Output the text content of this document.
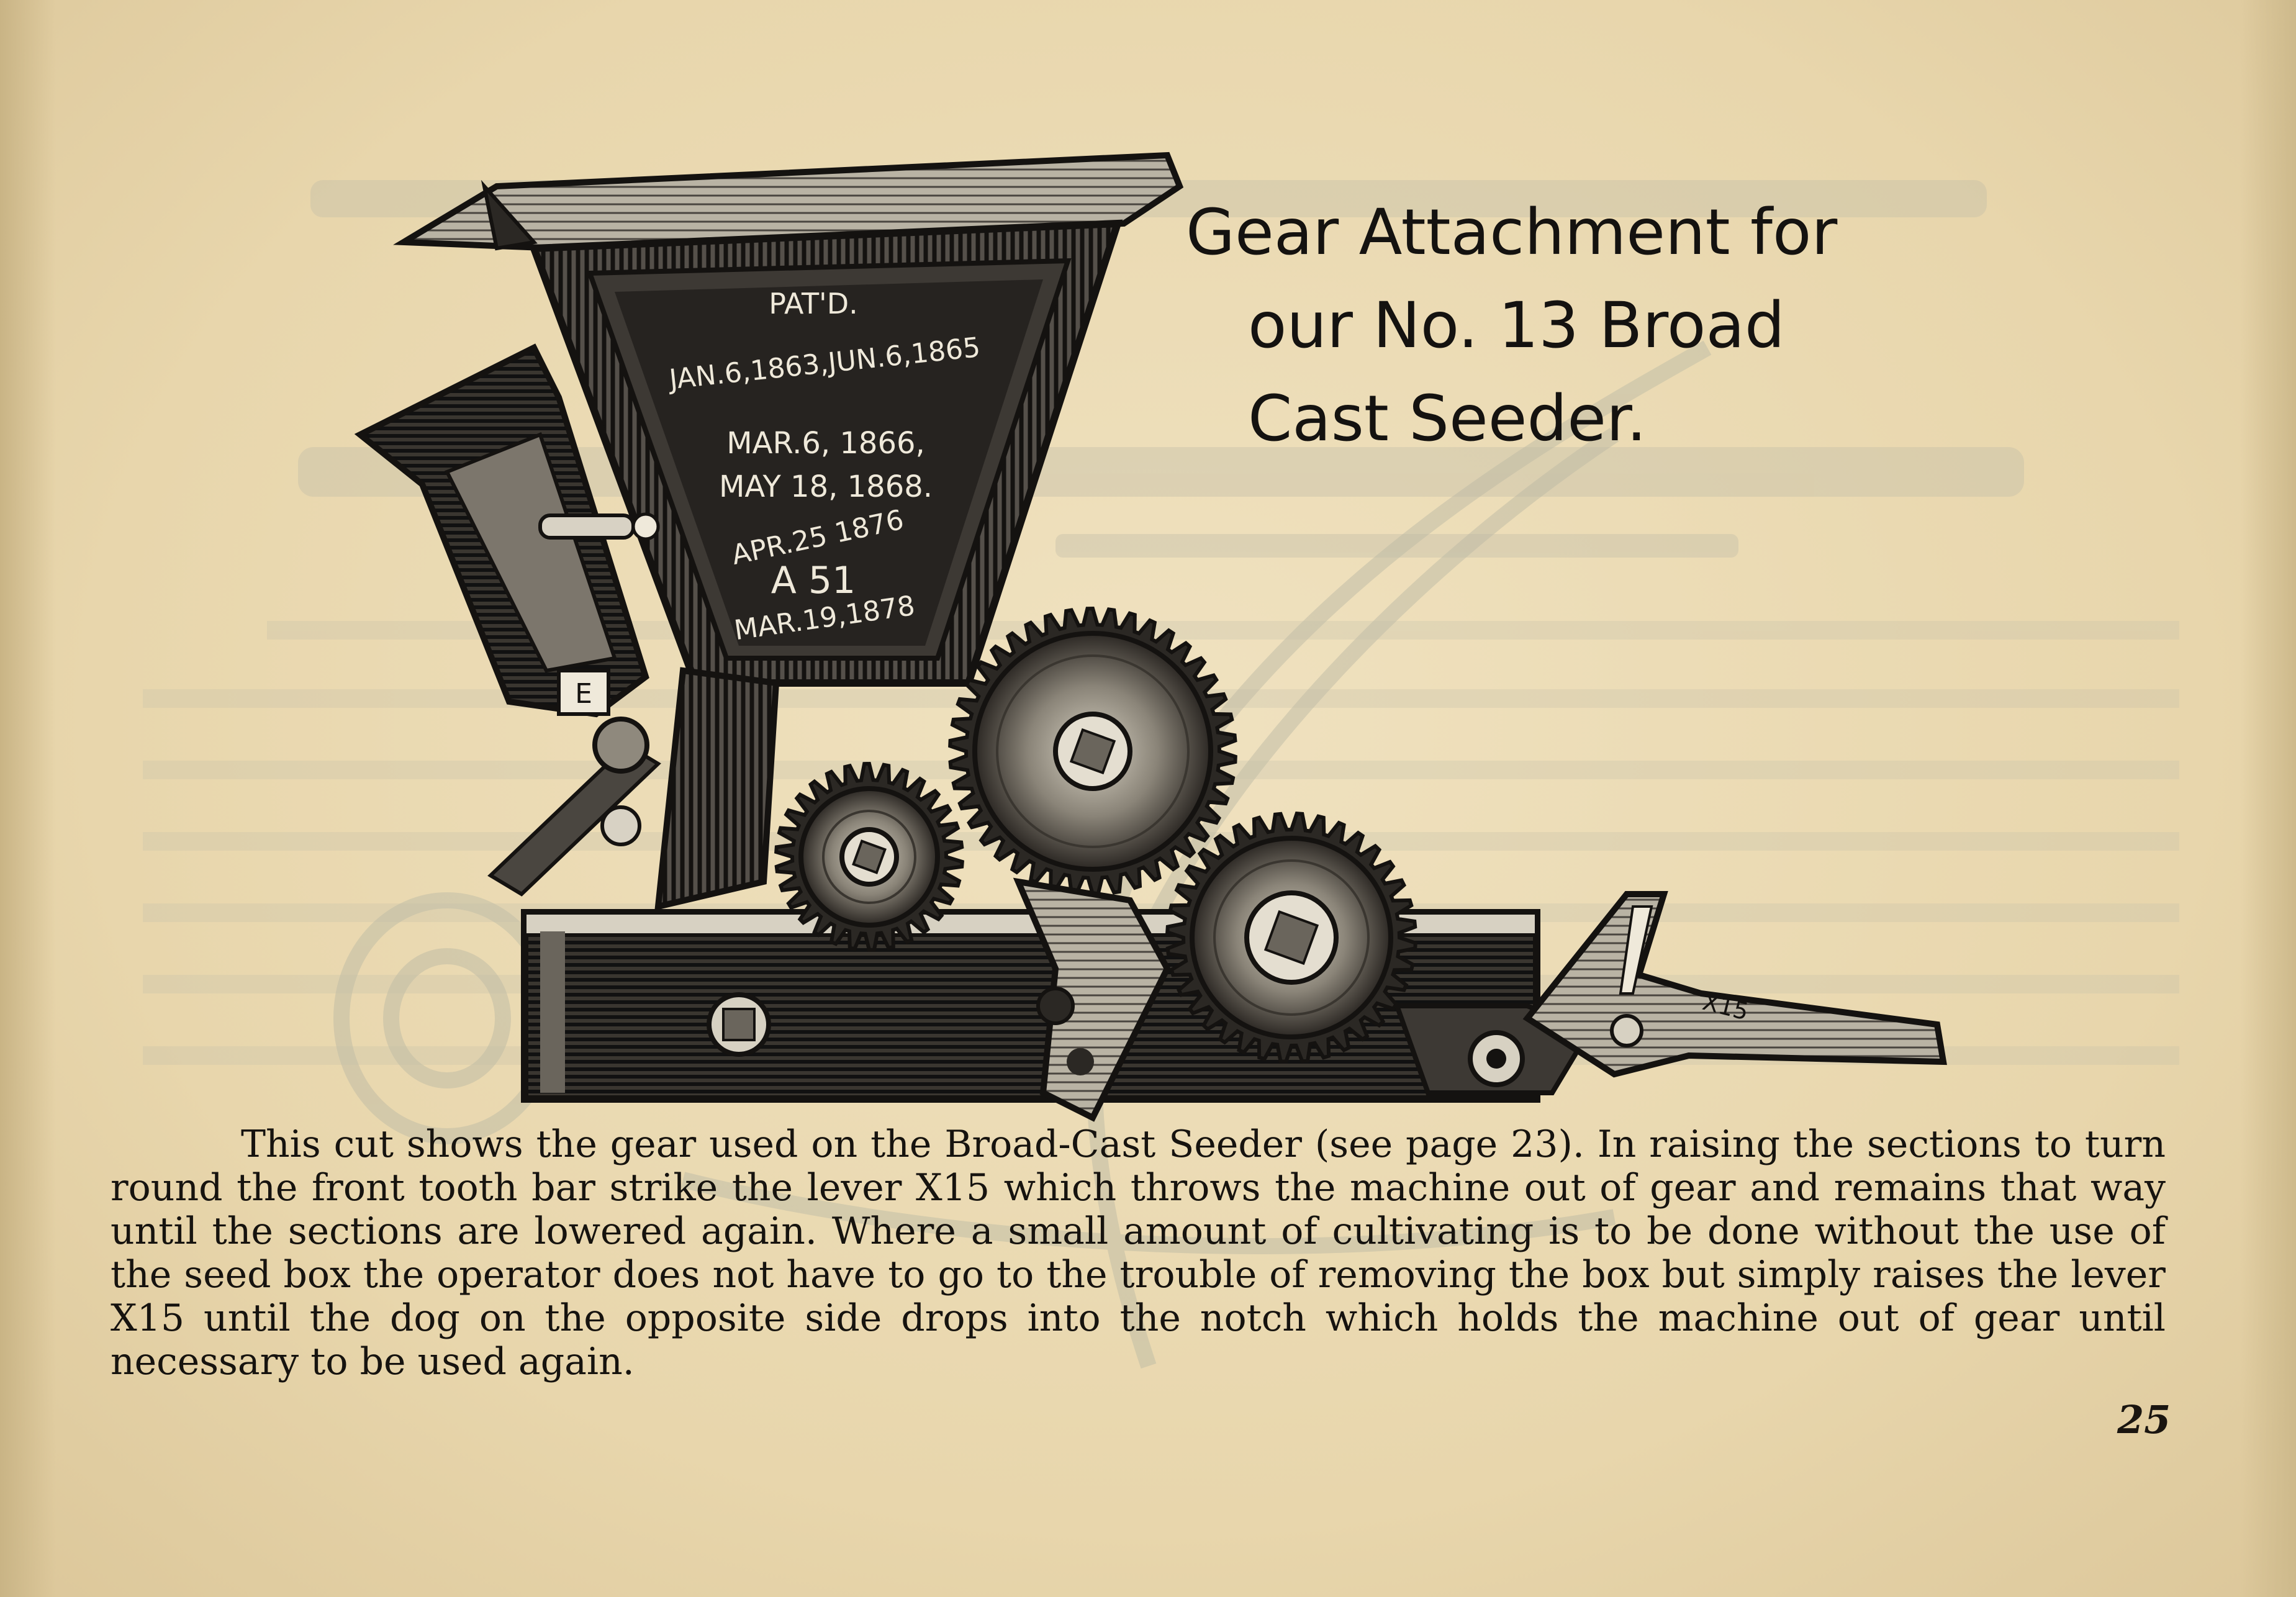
PAT'D.
JAN.6,1863,JUN.6,1865
MAR.6, 1866,
MAY 18, 1868.
APR.25 1876
A 51
MAR.19,1878
E
X15
Gear Attachment for
our No. 13 Broad
Cast Seeder.

This cut shows the gear used on the Broad-Cast Seeder (see page 23). In raising the sections to turn round the front tooth bar strike the lever X15 which throws the machine out of gear and remains that way until the sections are lowered again. Where a small amount of cultivating is to be done without the use of the seed box the operator does not have to go to the trouble of removing the box but simply raises the lever X15 until the dog on the opposite side drops into the notch which holds the machine out of gear until necessary to be used again.

25
